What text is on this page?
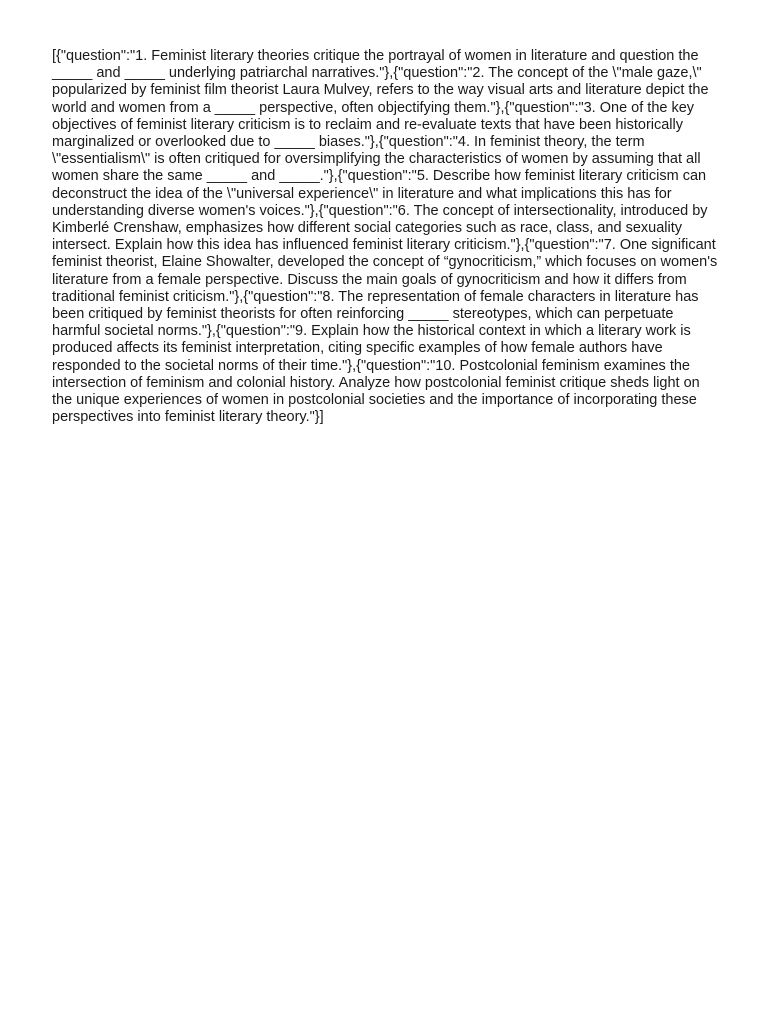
[{"question":"1. Feminist literary theories critique the portrayal of women in literature and question the _____ and _____ underlying patriarchal narratives."},{"question":"2. The concept of the \"male gaze,\" popularized by feminist film theorist Laura Mulvey, refers to the way visual arts and literature depict the world and women from a _____ perspective, often objectifying them."},{"question":"3. One of the key objectives of feminist literary criticism is to reclaim and re-evaluate texts that have been historically marginalized or overlooked due to _____ biases."},{"question":"4. In feminist theory, the term \"essentialism\" is often critiqued for oversimplifying the characteristics of women by assuming that all women share the same _____ and _____."},{"question":"5. Describe how feminist literary criticism can deconstruct the idea of the \"universal experience\" in literature and what implications this has for understanding diverse women's voices."},{"question":"6. The concept of intersectionality, introduced by Kimberlé Crenshaw, emphasizes how different social categories such as race, class, and sexuality intersect. Explain how this idea has influenced feminist literary criticism."},{"question":"7. One significant feminist theorist, Elaine Showalter, developed the concept of “gynocriticism,” which focuses on women's literature from a female perspective. Discuss the main goals of gynocriticism and how it differs from traditional feminist criticism."},{"question":"8. The representation of female characters in literature has been critiqued by feminist theorists for often reinforcing _____ stereotypes, which can perpetuate harmful societal norms."},{"question":"9. Explain how the historical context in which a literary work is produced affects its feminist interpretation, citing specific examples of how female authors have responded to the societal norms of their time."},{"question":"10. Postcolonial feminism examines the intersection of feminism and colonial history. Analyze how postcolonial feminist critique sheds light on the unique experiences of women in postcolonial societies and the importance of incorporating these perspectives into feminist literary theory."}]
